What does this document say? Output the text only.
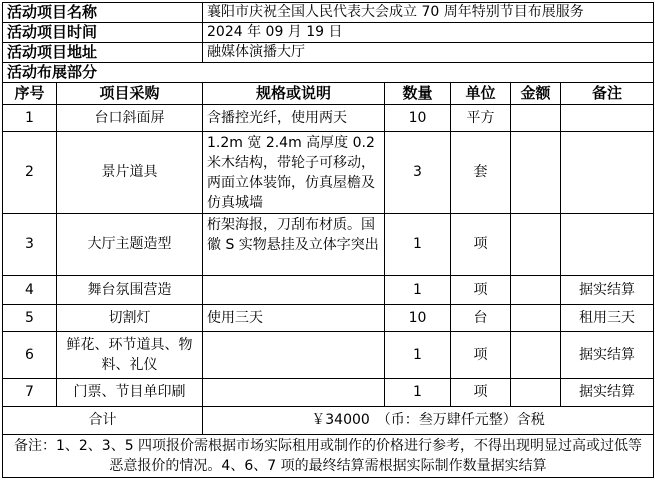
活动项目名称		襄阳市庆祝全国人民代表大会成立 70 周年特别节目布展服务				
活动项目时间		2024 年 09 月 19 日				
活动项目地址		融媒体演播大厅				
活动布展部分						
序号	项目采购	规格或说明	数量	单位	金额	备注
1	台口斜面屏	含播控光纤，使用两天	10	平方		
2	景片道具	1.2m 宽 2.4m 高厚度 0.2 米木结构，带轮子可移动，两面立体装饰，仿真屋檐及仿真城墙	3	套		
3	大厅主题造型	桁架海报，刀刮布材质。国徽 S 实物悬挂及立体字突出	1	项		
4	舞台氛围营造		1	项		据实结算
5	切割灯	使用三天	10	台		租用三天
6	鲜花、环节道具、物料、礼仪		1	项		据实结算
7	门票、节目单印刷		1	项		据实结算
合计		￥34000　（币：叁万肆仟元整）含税				
备注：1、2、3、5 四项报价需根据市场实际租用或制作的价格进行参考，不得出现明显过高或过低等恶意报价的情况。4、6、7 项的最终结算需根据实际制作数量据实结算						
